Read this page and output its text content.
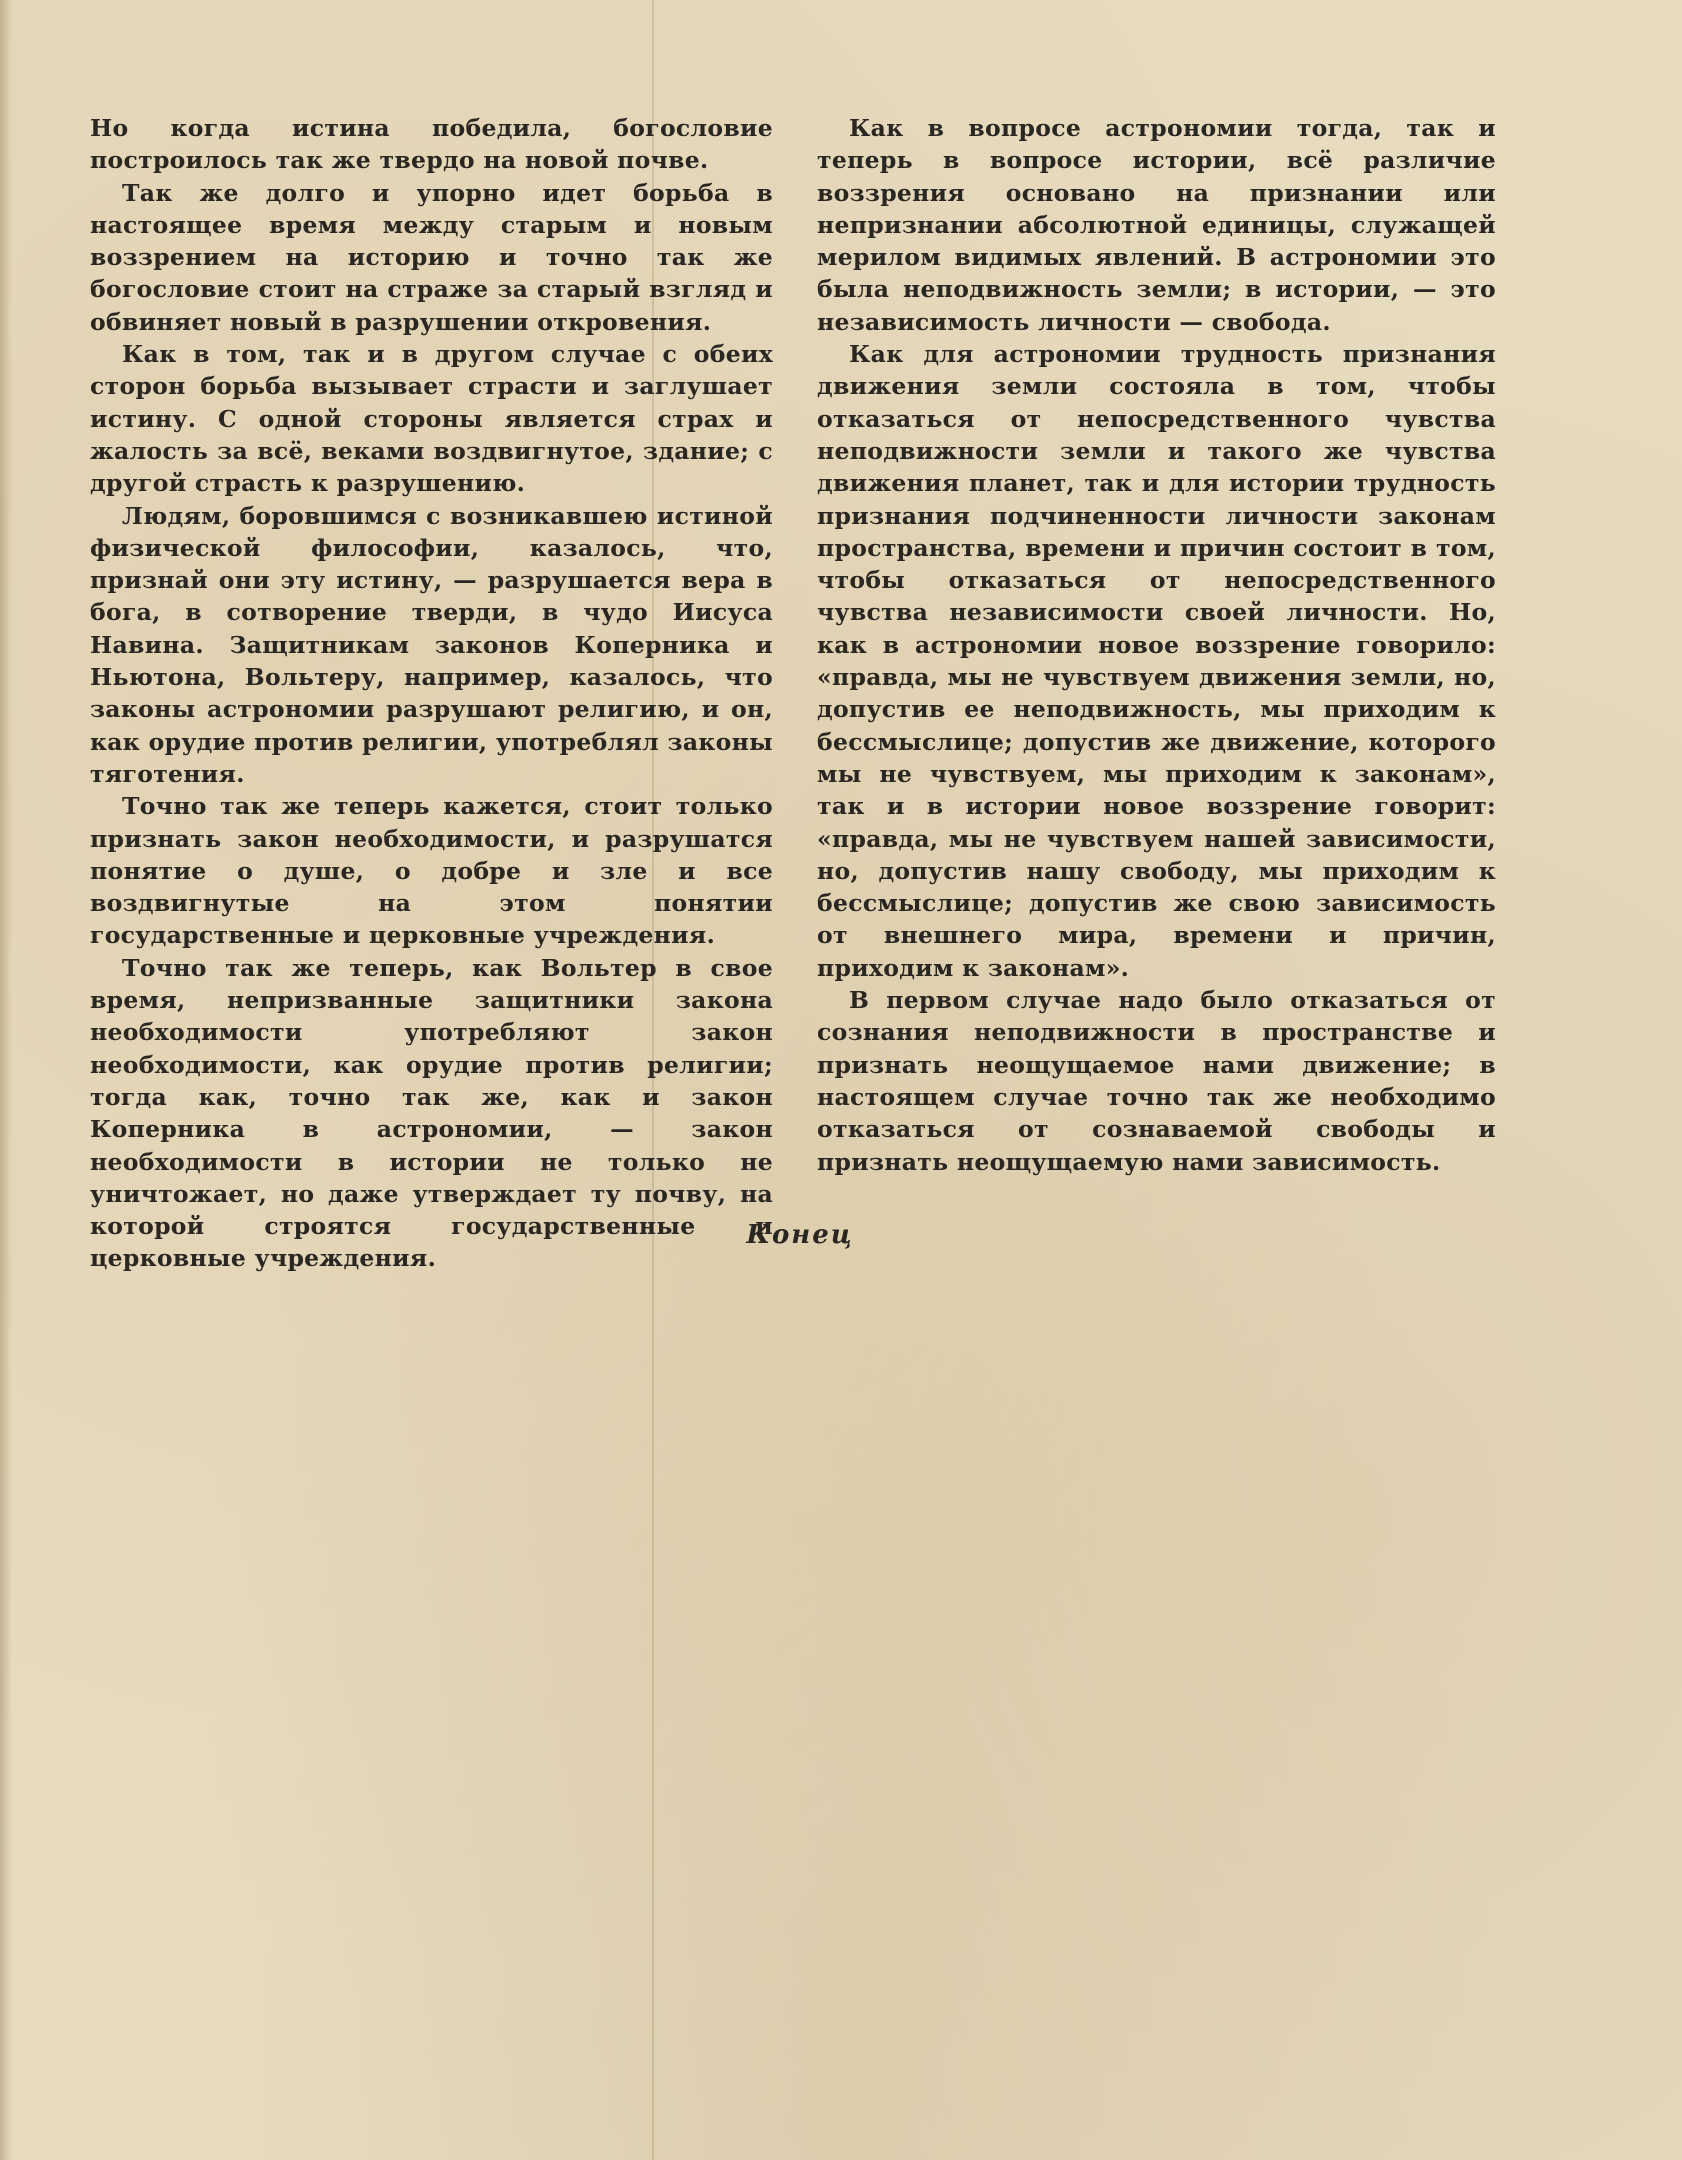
Но когда истина победила, богословие построилось так же твердо на новой почве.

Так же долго и упорно идет борьба в настоящее время между старым и новым воззрением на историю и точно так же богословие стоит на страже за старый взгляд и обвиняет новый в разрушении откровения.

Как в том, так и в другом случае с обеих сторон борьба вызывает страсти и заглушает истину. С одной стороны является страх и жалость за всё, веками воздвигнутое, здание; с другой страсть к разрушению.

Людям, боровшимся с возникавшею истиной физической философии, казалось, что, признай они эту истину, — разрушается вера в бога, в сотворение тверди, в чудо Иисуса Навина. Защитникам законов Коперника и Ньютона, Вольтеру, например, казалось, что законы астрономии разрушают религию, и он, как орудие против религии, употреблял законы тяготения.

Точно так же теперь кажется, стоит только признать закон необходимости, и разрушатся понятие о душе, о добре и зле и все воздвигнутые на этом понятии государственные и церковные учреждения.

Точно так же теперь, как Вольтер в свое время, непризванные защитники закона необходимости употребляют закон необходимости, как орудие против религии; тогда как, точно так же, как и закон Коперника в астрономии, — закон необходимости в истории не только не уничтожает, но даже утверждает ту почву, на которой строятся государственные и церковные учреждения.

Как в вопросе астрономии тогда, так и теперь в вопросе истории, всё различие воззрения основано на признании или непризнании абсолютной единицы, служащей мерилом видимых явлений. В астрономии это была неподвижность земли; в истории, — это независимость личности — свобода.

Как для астрономии трудность признания движения земли состояла в том, чтобы отказаться от непосредственного чувства неподвижности земли и такого же чувства движения планет, так и для истории трудность признания подчиненности личности законам пространства, времени и причин состоит в том, чтобы отказаться от непосредственного чувства независимости своей личности. Но, как в астрономии новое воззрение говорило: «правда, мы не чувствуем движения земли, но, допустив ее неподвижность, мы приходим к бессмыслице; допустив же движение, которого мы не чувствуем, мы приходим к законам», так и в истории новое воззрение говорит: «правда, мы не чувствуем нашей зависимости, но, допустив нашу свободу, мы приходим к бессмыслице; допустив же свою зависимость от внешнего мира, времени и причин, приходим к законам».

В первом случае надо было отказаться от сознания неподвижности в пространстве и признать неощущаемое нами движение; в настоящем случае точно так же необходимо отказаться от сознаваемой свободы и признать неощущаемую нами зависимость.

Конец
